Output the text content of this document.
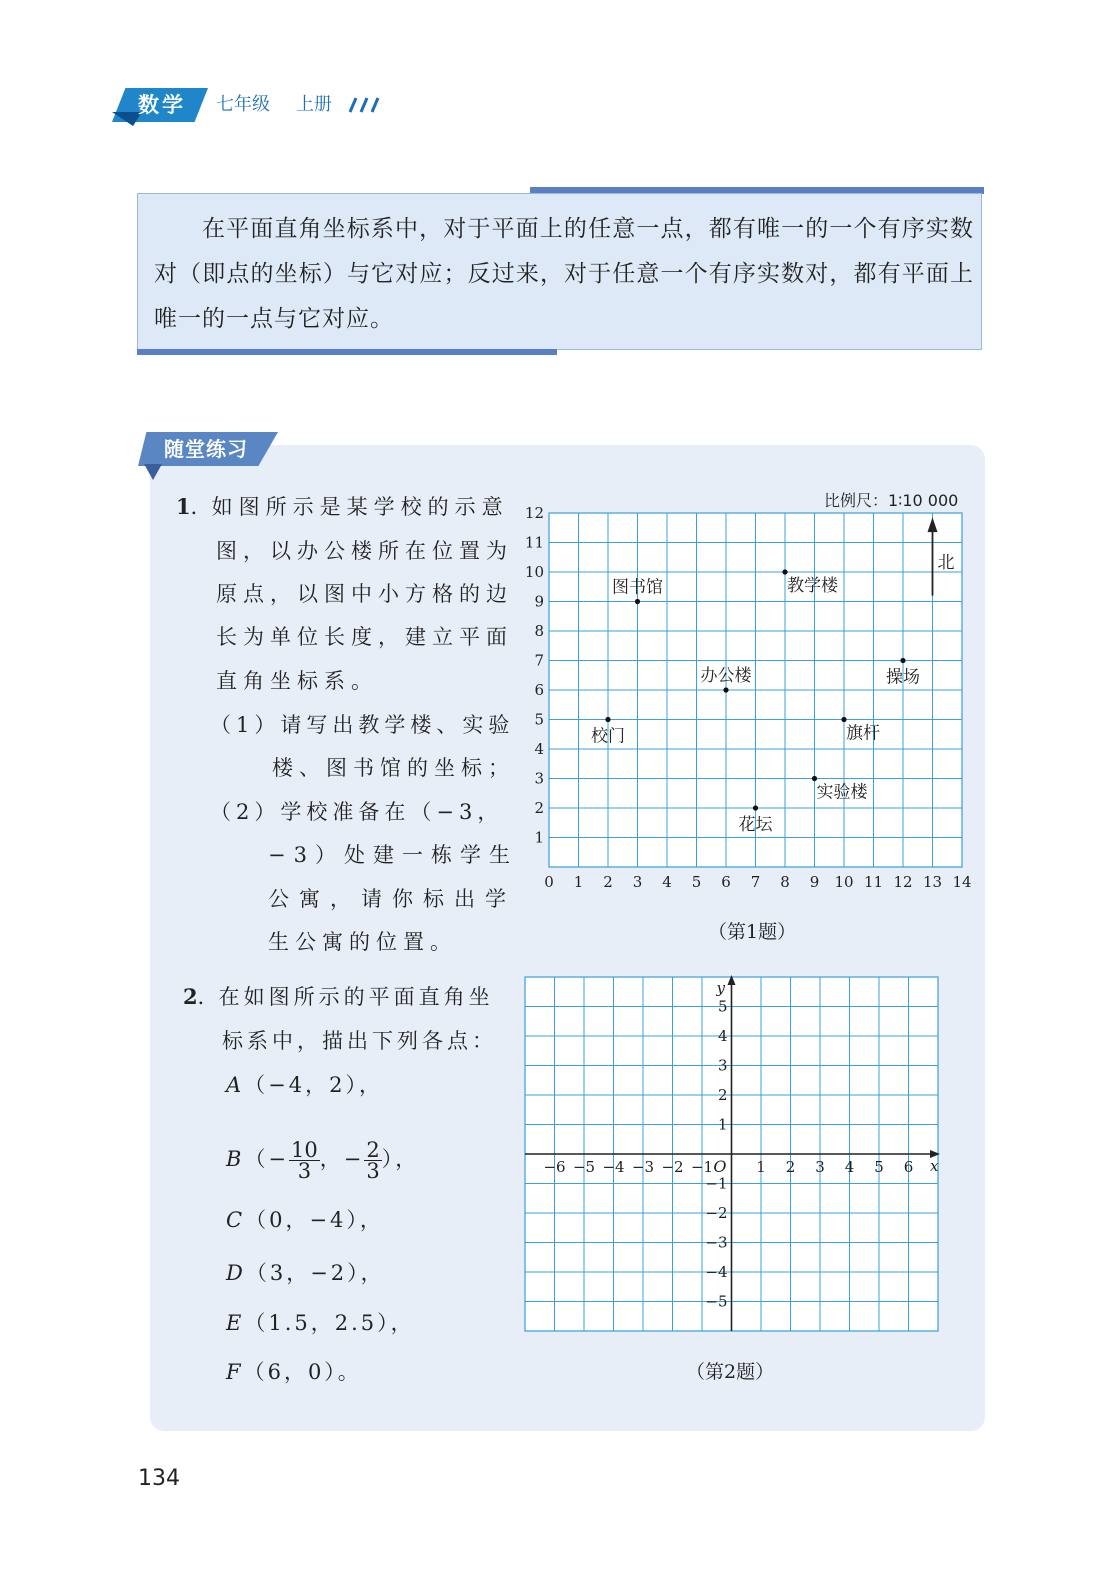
数学	七年级 上册
在平面直角坐标系中，对于平面上的任意一点，都有唯一的一个有序实数对（即点的坐标）与它对应；反过来，对于任意一个有序实数对，都有平面上唯一的一点与它对应。
随堂练习
1．如图所示是某学校的示意
图，以办公楼所在位置为
原点，以图中小方格的边
长为单位长度，建立平面
直角坐标系。
（1）请写出教学楼、实验
楼、图书馆的坐标；
（2）学校准备在（−3，
−3）处建一栋学生
公寓，请你标出学
生公寓的位置。
2．在如图所示的平面直角坐
标系中，描出下列各点：
A（−4，2），
$B(- \frac{10}{3}$ ，− $\frac{2}{3}$ ），
C（0，−4），
D（3，−2），
E（1.5，2.5），
F（6，0）。
比例尺：1∶10 000
0 1 2 3 4 5 6 7 8 9 10 11 12 13 14
1
2
3
4
5
6
7
8
9
10
11
12
北
图书馆	教学楼
办公楼	操场
校门	旗杆
实验楼
花坛
（第1题）
x
y
O
−6 −5 −4 −3 −2 −1	1 2 3 4 5 6
5
4
3
2
1
−1
−2
−3
−4
−5
（第2题）
134
